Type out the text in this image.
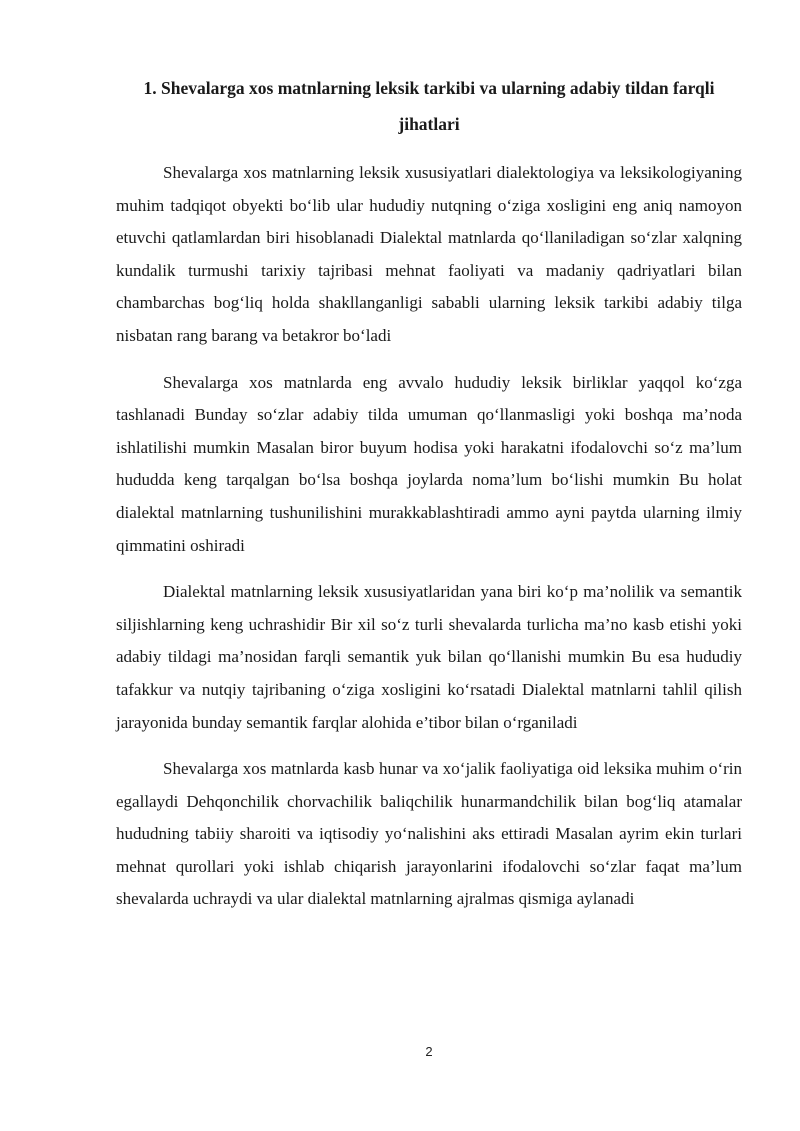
1. Shevalarga xos matnlarning leksik tarkibi va ularning adabiy tildan farqli jihatlari

Shevalarga xos matnlarning leksik xususiyatlari dialektologiya va leksikologiyaning muhim tadqiqot obyekti bo‘lib ular hududiy nutqning o‘ziga xosligini eng aniq namoyon etuvchi qatlamlardan biri hisoblanadi Dialektal matnlarda qo‘llaniladigan so‘zlar xalqning kundalik turmushi tarixiy tajribasi mehnat faoliyati va madaniy qadriyatlari bilan chambarchas bog‘liq holda shakllanganligi sababli ularning leksik tarkibi adabiy tilga nisbatan rang barang va betakror bo‘ladi

Shevalarga xos matnlarda eng avvalo hududiy leksik birliklar yaqqol ko‘zga tashlanadi Bunday so‘zlar adabiy tilda umuman qo‘llanmasligi yoki boshqa ma’noda ishlatilishi mumkin Masalan biror buyum hodisa yoki harakatni ifodalovchi so‘z ma’lum hududda keng tarqalgan bo‘lsa boshqa joylarda noma’lum bo‘lishi mumkin Bu holat dialektal matnlarning tushunilishini murakkablashtiradi ammo ayni paytda ularning ilmiy qimmatini oshiradi

Dialektal matnlarning leksik xususiyatlaridan yana biri ko‘p ma’nolilik va semantik siljishlarning keng uchrashidir Bir xil so‘z turli shevalarda turlicha ma’no kasb etishi yoki adabiy tildagi ma’nosidan farqli semantik yuk bilan qo‘llanishi mumkin Bu esa hududiy tafakkur va nutqiy tajribaning o‘ziga xosligini ko‘rsatadi Dialektal matnlarni tahlil qilish jarayonida bunday semantik farqlar alohida e’tibor bilan o‘rganiladi

Shevalarga xos matnlarda kasb hunar va xo‘jalik faoliyatiga oid leksika muhim o‘rin egallaydi Dehqonchilik chorvachilik baliqchilik hunarmandchilik bilan bog‘liq atamalar hududning tabiiy sharoiti va iqtisodiy yo‘nalishini aks ettiradi Masalan ayrim ekin turlari mehnat qurollari yoki ishlab chiqarish jarayonlarini ifodalovchi so‘zlar faqat ma’lum shevalarda uchraydi va ular dialektal matnlarning ajralmas qismiga aylanadi

2
